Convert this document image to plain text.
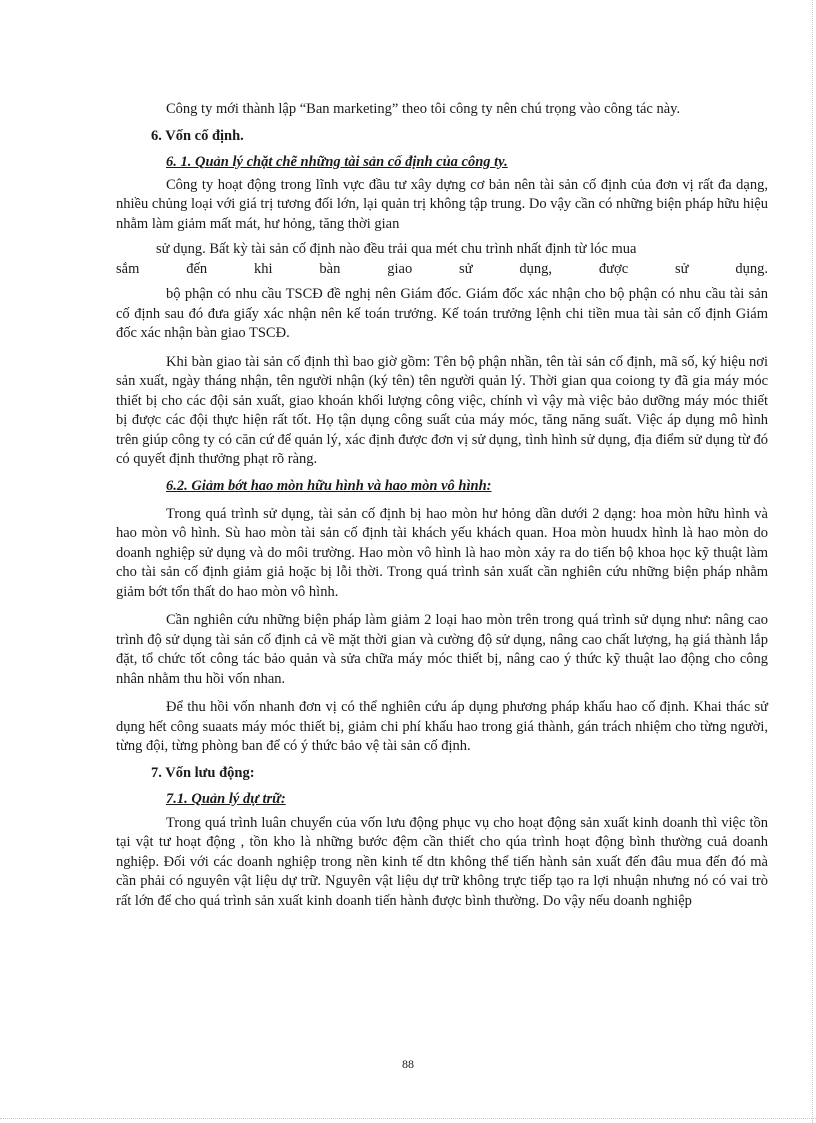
Công ty mới thành lập “Ban marketing” theo tôi công ty nên chú trọng vào công tác này.

6. Vốn cố định.

6. 1. Quản lý chặt chẽ những tài sản cố định của công ty.

Công ty hoạt động trong lĩnh vực đầu tư xây dựng cơ bản nên tài sản cố định của đơn vị rất đa dạng, nhiều chủng loại với giá trị tương đối lớn, lại quản trị không tập trung. Do vậy cần có những biện pháp hữu hiệu nhằm làm giảm mất mát, hư hỏng, tăng thời gian

sử dụng. Bất kỳ tài sản cố định nào đều trải qua mét chu trình nhất định từ lóc mua

sắm đến khi bàn giao sử dụng, được sử dụng.

bộ phận có nhu cầu TSCĐ đề nghị nên Giám đốc. Giám đốc xác nhận cho bộ phận có nhu cầu tài sản cố định sau đó đưa giấy xác nhận nên kế toán trưởng. Kế toán trưởng lệnh chi tiền mua tài sản cố định Giám đốc xác nhận bàn giao TSCĐ.

Khi bàn giao tài sản cố định thì bao giờ gồm: Tên bộ phận nhần, tên tài sản cố định, mã số, ký hiệu nơi sản xuất, ngày tháng nhận, tên người nhận (ký tên) tên người quản lý. Thời gian qua coiong ty đã gia máy móc thiết bị cho các đội sản xuất, giao khoán khối lượng công việc, chính vì vậy mà việc bảo dưỡng máy móc thiết bị được các đội thực hiện rất tốt. Họ tận dụng công suất của máy móc, tăng năng suất. Việc áp dụng mô hình trên giúp công ty có căn cứ để quản lý, xác định được đơn vị sử dụng, tình hình sử dụng, địa điểm sử dụng từ đó có quyết định thưởng phạt rõ ràng.

6.2. Giảm bớt hao mòn hữu hình và hao mòn vô hình:

Trong quá trình sử dụng, tài sản cố định bị hao mòn hư hỏng dần dưới 2 dạng: hoa mòn hữu hình và hao mòn vô hình. Sù hao mòn tài sản cố định tài khách yếu khách quan. Hoa mòn huudx hình là hao mòn do doanh nghiệp sử dụng và do môi trường. Hao mòn vô hình là hao mòn xảy ra do tiến bộ khoa học kỹ thuật làm cho tài sản cố định giảm giả hoặc bị lỗi thời. Trong quá trình sản xuất cần nghiên cứu những biện pháp nhằm giảm bớt tổn thất do hao mòn vô hình.

Cần nghiên cứu những biện pháp làm giảm 2 loại hao mòn trên trong quá trình sử dụng như: nâng cao trình độ sử dụng tài sản cố định cả về mặt thời gian và cường độ sử dụng, nâng cao chất lượng, hạ giá thành lắp đặt, tổ chức tốt công tác bảo quản và sửa chữa máy móc thiết bị, nâng cao ý thức kỹ thuật lao động cho công nhân nhằm thu hồi vốn nhan.

Để thu hồi vốn nhanh đơn vị có thể nghiên cứu áp dụng phương pháp khấu hao cố định. Khai thác sử dụng hết công suaats máy móc thiết bị, giảm chi phí khấu hao trong giá thành, gán trách nhiệm cho từng người, từng đội, từng phòng ban để có ý thức bảo vệ tài sản cố định.

7. Vốn lưu động:

7.1. Quản lý dự trữ:

Trong quá trình luân chuyển của vốn lưu động phục vụ cho hoạt động sản xuất kinh doanh thì việc tồn tại vật tư hoạt động , tồn kho là những bước đệm cần thiết cho qúa trình hoạt động bình thường cuả doanh nghiệp. Đối với các doanh nghiệp trong nền kinh tế dtn không thể tiến hành sản xuất đến đâu mua đến đó mà cần phải có nguyên vật liệu dự trữ. Nguyên vật liệu dự trữ không trực tiếp tạo ra lợi nhuận nhưng nó có vai trò rất lớn để cho quá trình sản xuất kinh doanh tiến hành được bình thường. Do vậy nếu doanh nghiệp

88
